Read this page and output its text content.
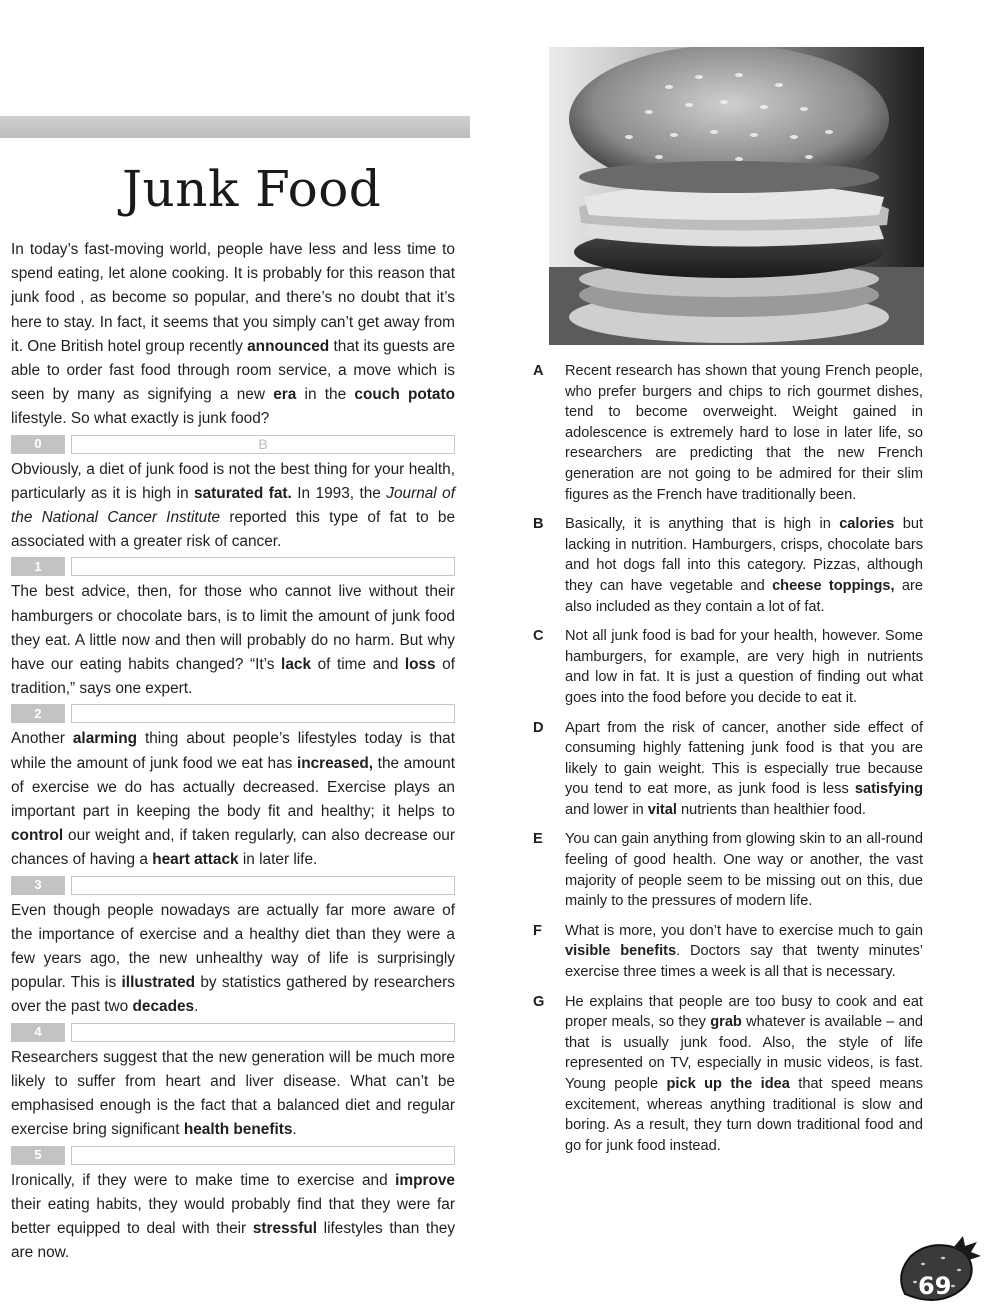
Junk Food

In today’s fast-moving world, people have less and less time to spend eating, let alone cooking. It is probably for this reason that junk food ‚ as become so popular, and there’s no doubt that it’s here to stay. In fact, it seems that you simply can’t get away from it. One British hotel group recently announced that its guests are able to order fast food through room service, a move which is seen by many as signifying a new era in the couch potato lifestyle. So what exactly is junk food?

0	B

Obviously, a diet of junk food is not the best thing for your health, particularly as it is high in saturated fat. In 1993, the Journal of the National Cancer Institute reported this type of fat to be associated with a greater risk of cancer.

1

The best advice, then, for those who cannot live without their hamburgers or chocolate bars, is to limit the amount of junk food they eat. A little now and then will probably do no harm. But why have our eating habits changed? “It’s lack of time and loss of tradition,” says one expert.

2

Another alarming thing about people’s lifestyles today is that while the amount of junk food we eat has increased, the amount of exercise we do has actually decreased. Exercise plays an important part in keeping the body fit and healthy; it helps to control our weight and, if taken regularly, can also decrease our chances of having a heart attack in later life.

3

Even though people nowadays are actually far more aware of the importance of exercise and a healthy diet than they were a few years ago, the new unhealthy way of life is surprisingly popular. This is illustrated by statistics gathered by researchers over the past two decades.

4

Researchers suggest that the new generation will be much more likely to suffer from heart and liver disease. What can’t be emphasised enough is the fact that a balanced diet and regular exercise bring significant health benefits.

5

Ironically, if they were to make time to exercise and improve their eating habits, they would probably find that they were far better equipped to deal with their stressful lifestyles than they are now.

A	Recent research has shown that young French people, who prefer burgers and chips to rich gourmet dishes, tend to become overweight. Weight gained in adolescence is extremely hard to lose in later life, so researchers are predicting that the new French generation are not going to be admired for their slim figures as the French have traditionally been.
B	Basically, it is anything that is high in calories but lacking in nutrition. Hamburgers, crisps, chocolate bars and hot dogs fall into this category. Pizzas, although they can have vegetable and cheese toppings, are also included as they contain a lot of fat.
C	Not all junk food is bad for your health, however. Some hamburgers, for example, are very high in nutrients and low in fat. It is just a question of finding out what goes into the food before you decide to eat it.
D	Apart from the risk of cancer, another side effect of consuming highly fattening junk food is that you are likely to gain weight. This is especially true because you tend to eat more, as junk food is less satisfying and lower in vital nutrients than healthier food.
E	You can gain anything from glowing skin to an all-round feeling of good health. One way or another, the vast majority of people seem to be missing out on this, due mainly to the pressures of modern life.
F	What is more, you don’t have to exercise much to gain visible benefits. Doctors say that twenty minutes’ exercise three times a week is all that is necessary.
G	He explains that people are too busy to cook and eat proper meals, so they grab whatever is available – and that is usually junk food. Also, the style of life represented on TV, especially in music videos, is fast. Young people pick up the idea that speed means excitement, whereas anything traditional is slow and boring. As a result, they turn down traditional food and go for junk food instead.
69
